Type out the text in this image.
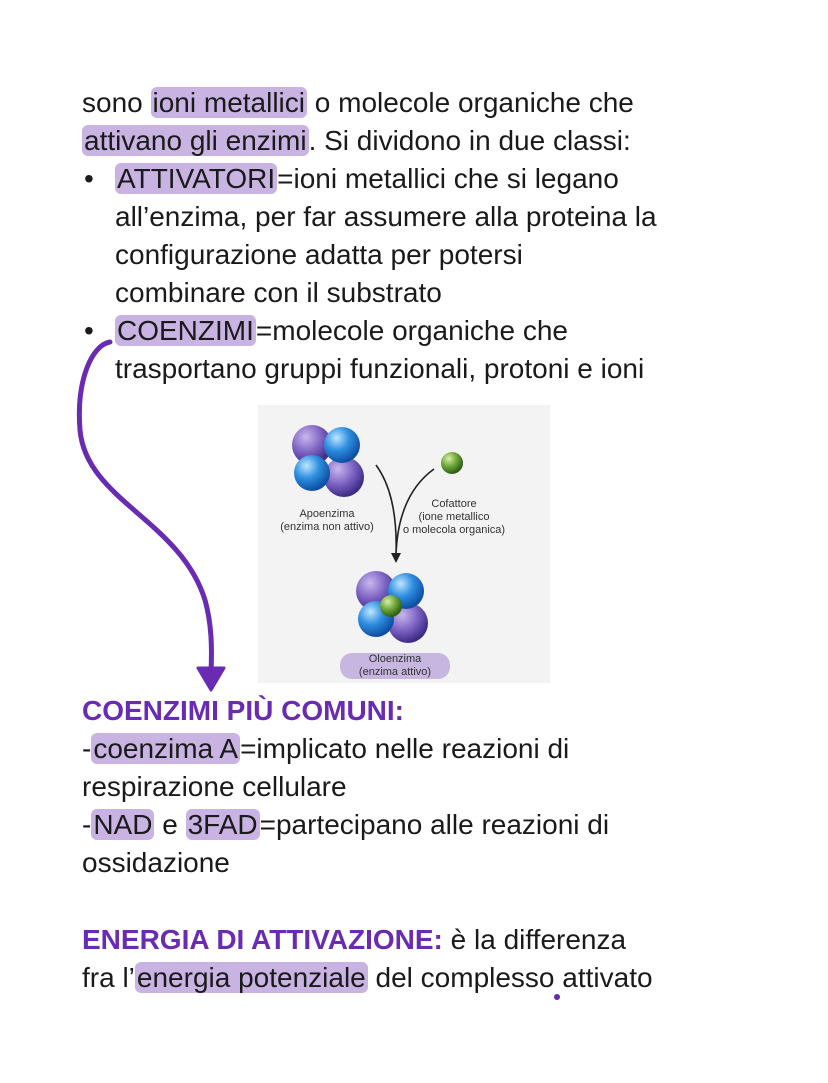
sono ioni metallici o molecole organiche che
attivano gli enzimi. Si dividono in due classi:
• ATTIVATORI=ioni metallici che si legano
all’enzima, per far assumere alla proteina la
configurazione adatta per potersi
combinare con il substrato
• COENZIMI=molecole organiche che
trasportano gruppi funzionali, protoni e ioni
Apoenzima
(enzima non attivo)
Cofattore
(ione metallico
o molecola organica)
Oloenzima
(enzima attivo)
COENZIMI PIÙ COMUNI:
-coenzima A=implicato nelle reazioni di
respirazione cellulare
-NAD e 3FAD=partecipano alle reazioni di
ossidazione
ENERGIA DI ATTIVAZIONE: è la differenza
fra l’energia potenziale del complesso attivato
